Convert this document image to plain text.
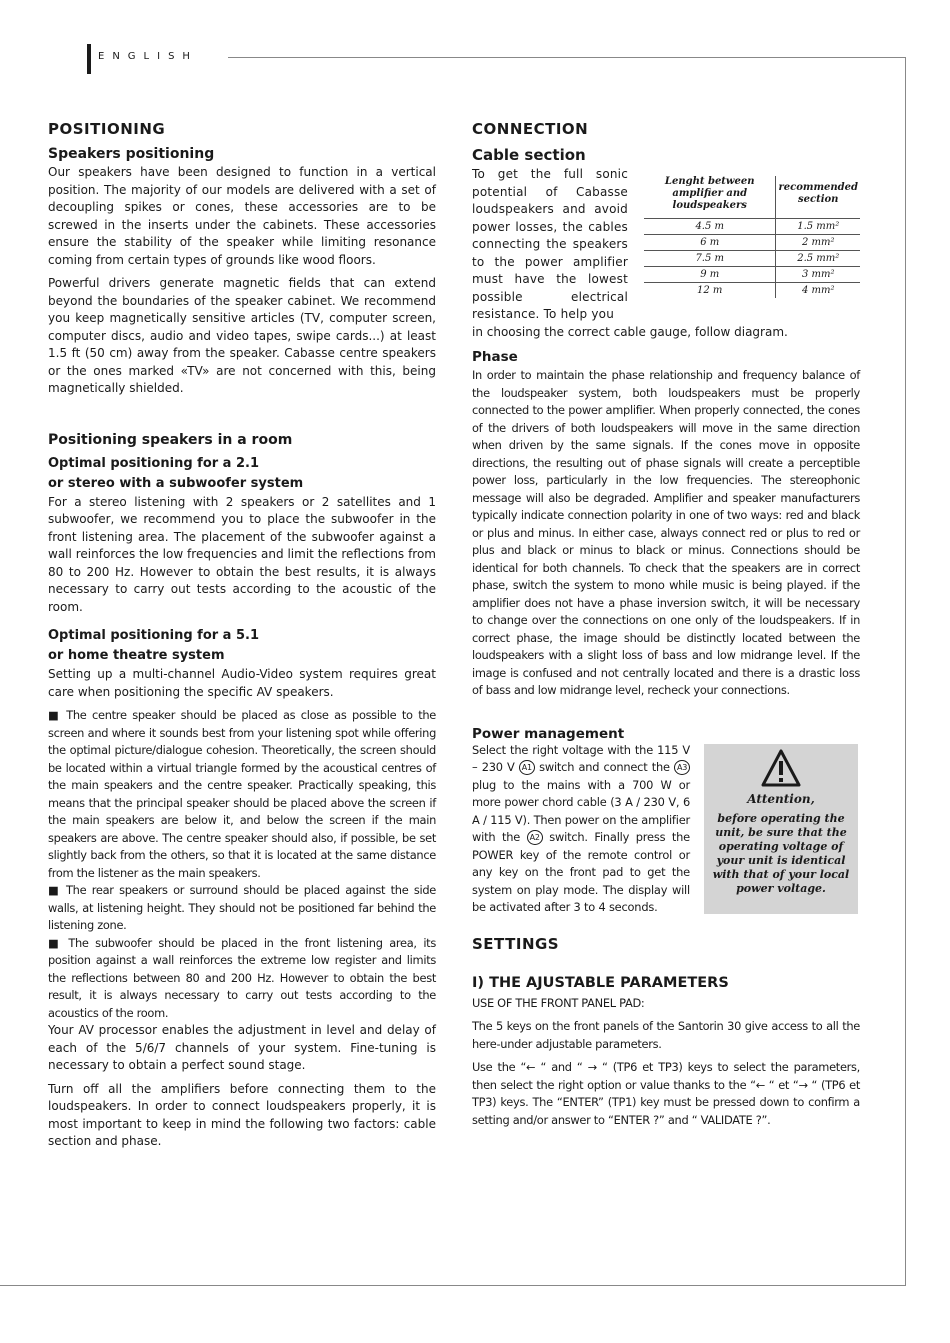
ENGLISH
POSITIONING
Speakers positioning

Our speakers have been designed to function in a vertical position. The majority of our models are delivered with a set of decoupling spikes or cones, these accessories are to be screwed in the inserts under the cabinets. These accessories ensure the stability of the speaker while limiting resonance coming from certain types of grounds like wood floors.

Powerful drivers generate magnetic fields that can extend beyond the boundaries of the speaker cabinet. We recommend you keep magnetically sensitive articles (TV, computer screen, computer discs, audio and video tapes, swipe cards...) at least 1.5 ft (50 cm) away from the speaker. Cabasse centre speakers or the ones marked «TV» are not concerned with this, being magnetically shielded.

Positioning speakers in a room
Optimal positioning for a 2.1
or stereo with a subwoofer system

For a stereo listening with 2 speakers or 2 satellites and 1 subwoofer, we recommend you to place the subwoofer in the front listening area. The placement of the subwoofer against a wall reinforces the low frequencies and limit the reflections from 80 to 200 Hz. However to obtain the best results, it is always necessary to carry out tests according to the acoustic of the room.

Optimal positioning for a 5.1
or home theatre system

Setting up a multi-channel Audio-Video system requires great care when positioning the specific AV speakers.

■ The centre speaker should be placed as close as possible to the screen and where it sounds best from your listening spot while offering the optimal picture/dialogue cohesion. Theoretically, the screen should be located within a virtual triangle formed by the acoustical centres of the main speakers and the centre speaker. Practically speaking, this means that the principal speaker should be placed above the screen if the main speakers are below it, and below the screen if the main speakers are above. The centre speaker should also, if possible, be set slightly back from the others, so that it is located at the same distance from the listener as the main speakers.

■ The rear speakers or surround should be placed against the side walls, at listening height. They should not be positioned far behind the listening zone.

■ The subwoofer should be placed in the front listening area, its position against a wall reinforces the extreme low register and limits the reflections between 80 and 200 Hz. However to obtain the best result, it is always necessary to carry out tests according to the acoustics of the room.

Your AV processor enables the adjustment in level and delay of each of the 5/6/7 channels of your system. Fine-tuning is necessary to obtain a perfect sound stage.

Turn off all the amplifiers before connecting them to the loudspeakers. In order to connect loudspeakers properly, it is most important to keep in mind the following two factors: cable section and phase.

CONNECTION
Cable section

To get the full sonic potential of Cabasse loudspeakers and avoid power losses, the cables connecting the speakers to the power amplifier must have the lowest possible electrical resistance. To help you

Lenght between
amplifier and loudspeakers	recommended
section
4.5 m	1.5 mm²
6 m	2 mm²
7.5 m	2.5 mm²
9 m	3 mm²
12 m	4 mm²

in choosing the correct cable gauge, follow diagram.

Phase

In order to maintain the phase relationship and frequency balance of the loudspeaker system, both loudspeakers must be properly connected to the power amplifier. When properly connected, the cones of the drivers of both loudspeakers will move in the same direction when driven by the same signals. If the cones move in opposite directions, the resulting out of phase signals will create a perceptible power loss, particularly in the low frequencies. The stereophonic message will also be degraded. Amplifier and speaker manufacturers typically indicate connection polarity in one of two ways: red and black or plus and minus. In either case, always connect red or plus to red or plus and black or minus to black or minus. Connections should be identical for both channels. To check that the speakers are in correct phase, switch the system to mono while music is being played. if the amplifier does not have a phase inversion switch, it will be necessary to change over the connections on one only of the loudspeakers. If in correct phase, the image should be distinctly located between the loudspeakers with a slight loss of bass and low midrange level. If the image is confused and not centrally located and there is a drastic loss of bass and low midrange level, recheck your connections.

Power management

Select the right voltage with the 115 V – 230 V A1 switch and connect the A3 plug to the mains with a 700 W or more power chord cable (3 A / 230 V, 6 A / 115 V). Then power on the amplifier with the A2 switch. Finally press the POWER key of the remote control or any key on the front pad to get the system on play mode. The display will be activated after 3 to 4 seconds.

Attention,
before operating the unit, be sure that the operating voltage of your unit is identical with that of your local power voltage.
SETTINGS
I) THE AJUSTABLE PARAMETERS

USE OF THE FRONT PANEL PAD:

The 5 keys on the front panels of the Santorin 30 give access to all the here-under adjustable parameters.

Use the “← “ and “ → “ (TP6 et TP3) keys to select the parameters, then select the right option or value thanks to the “← “ et “→ “ (TP6 et TP3) keys. The “ENTER” (TP1) key must be pressed down to confirm a setting and/or answer to “ENTER ?” and “ VALIDATE ?”.
